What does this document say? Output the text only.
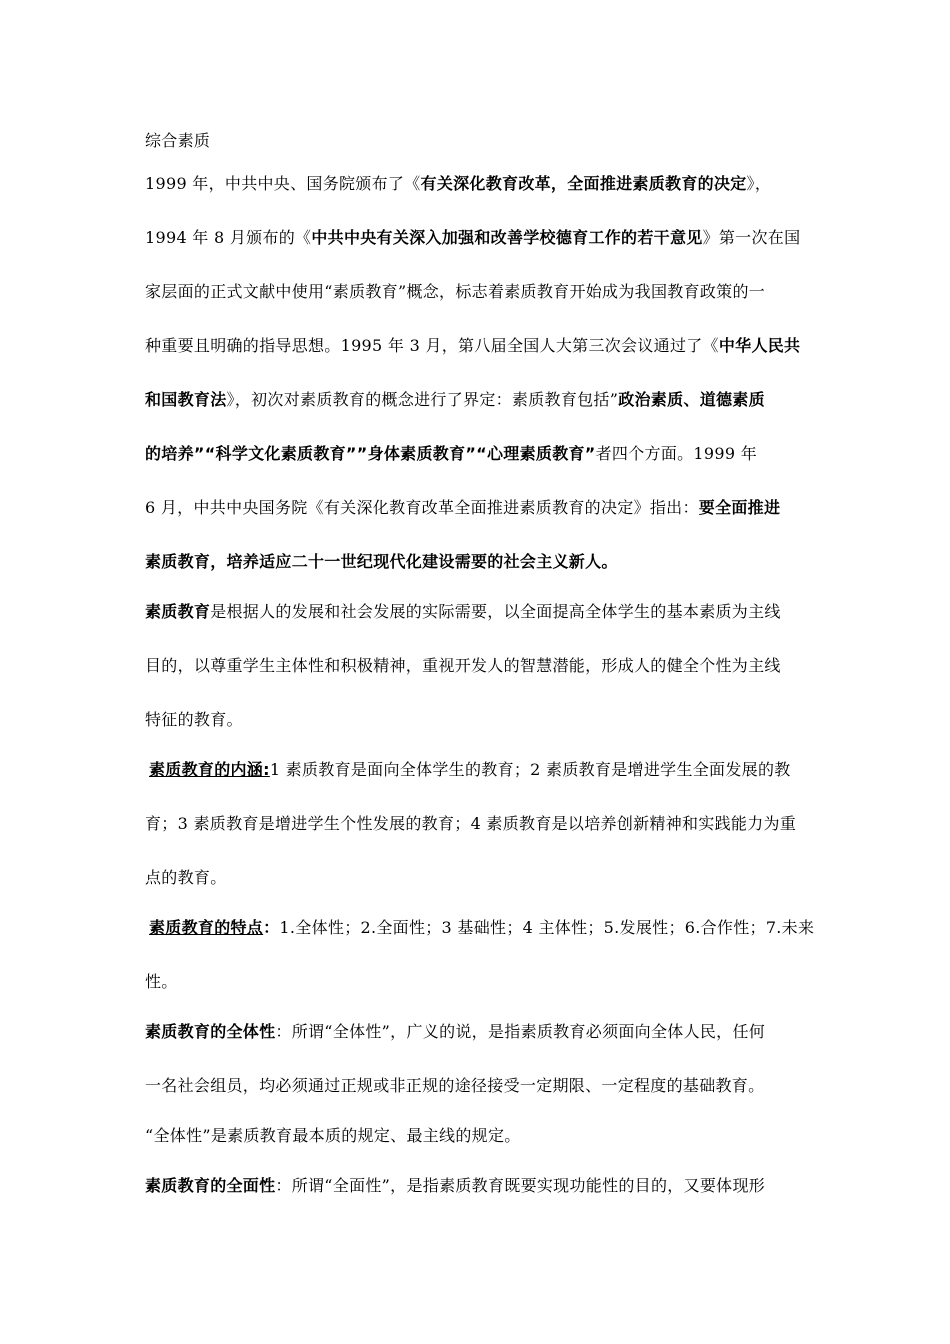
综合素质
1999 年，中共中央、国务院颁布了《有关深化教育改革，全面推进素质教育的决定》，
1994 年 8 月颁布的《中共中央有关深入加强和改善学校德育工作的若干意见》第一次在国
家层面的正式文献中使用“素质教育”概念，标志着素质教育开始成为我国教育政策的一
种重要且明确的指导思想。1995 年 3 月，第八届全国人大第三次会议通过了《中华人民共
和国教育法》，初次对素质教育的概念进行了界定：素质教育包括”政治素质、道德素质
的培养”“科学文化素质教育””身体素质教育”“心理素质教育”者四个方面。1999 年
6 月，中共中央国务院《有关深化教育改革全面推进素质教育的决定》指出：要全面推进
素质教育，培养适应二十一世纪现代化建设需要的社会主义新人。
素质教育是根据人的发展和社会发展的实际需要，以全面提高全体学生的基本素质为主线
目的，以尊重学生主体性和积极精神，重视开发人的智慧潜能，形成人的健全个性为主线
特征的教育。
素质教育的内涵:1 素质教育是面向全体学生的教育；2 素质教育是增进学生全面发展的教
育；3 素质教育是增进学生个性发展的教育；4 素质教育是以培养创新精神和实践能力为重
点的教育。
素质教育的特点：1.全体性；2.全面性；3 基础性；4 主体性；5.发展性；6.合作性；7.未来
性。
素质教育的全体性：所谓“全体性”，广义的说，是指素质教育必须面向全体人民，任何
一名社会组员，均必须通过正规或非正规的途径接受一定期限、一定程度的基础教育。
“全体性”是素质教育最本质的规定、最主线的规定。
素质教育的全面性：所谓“全面性”，是指素质教育既要实现功能性的目的，又要体现形
